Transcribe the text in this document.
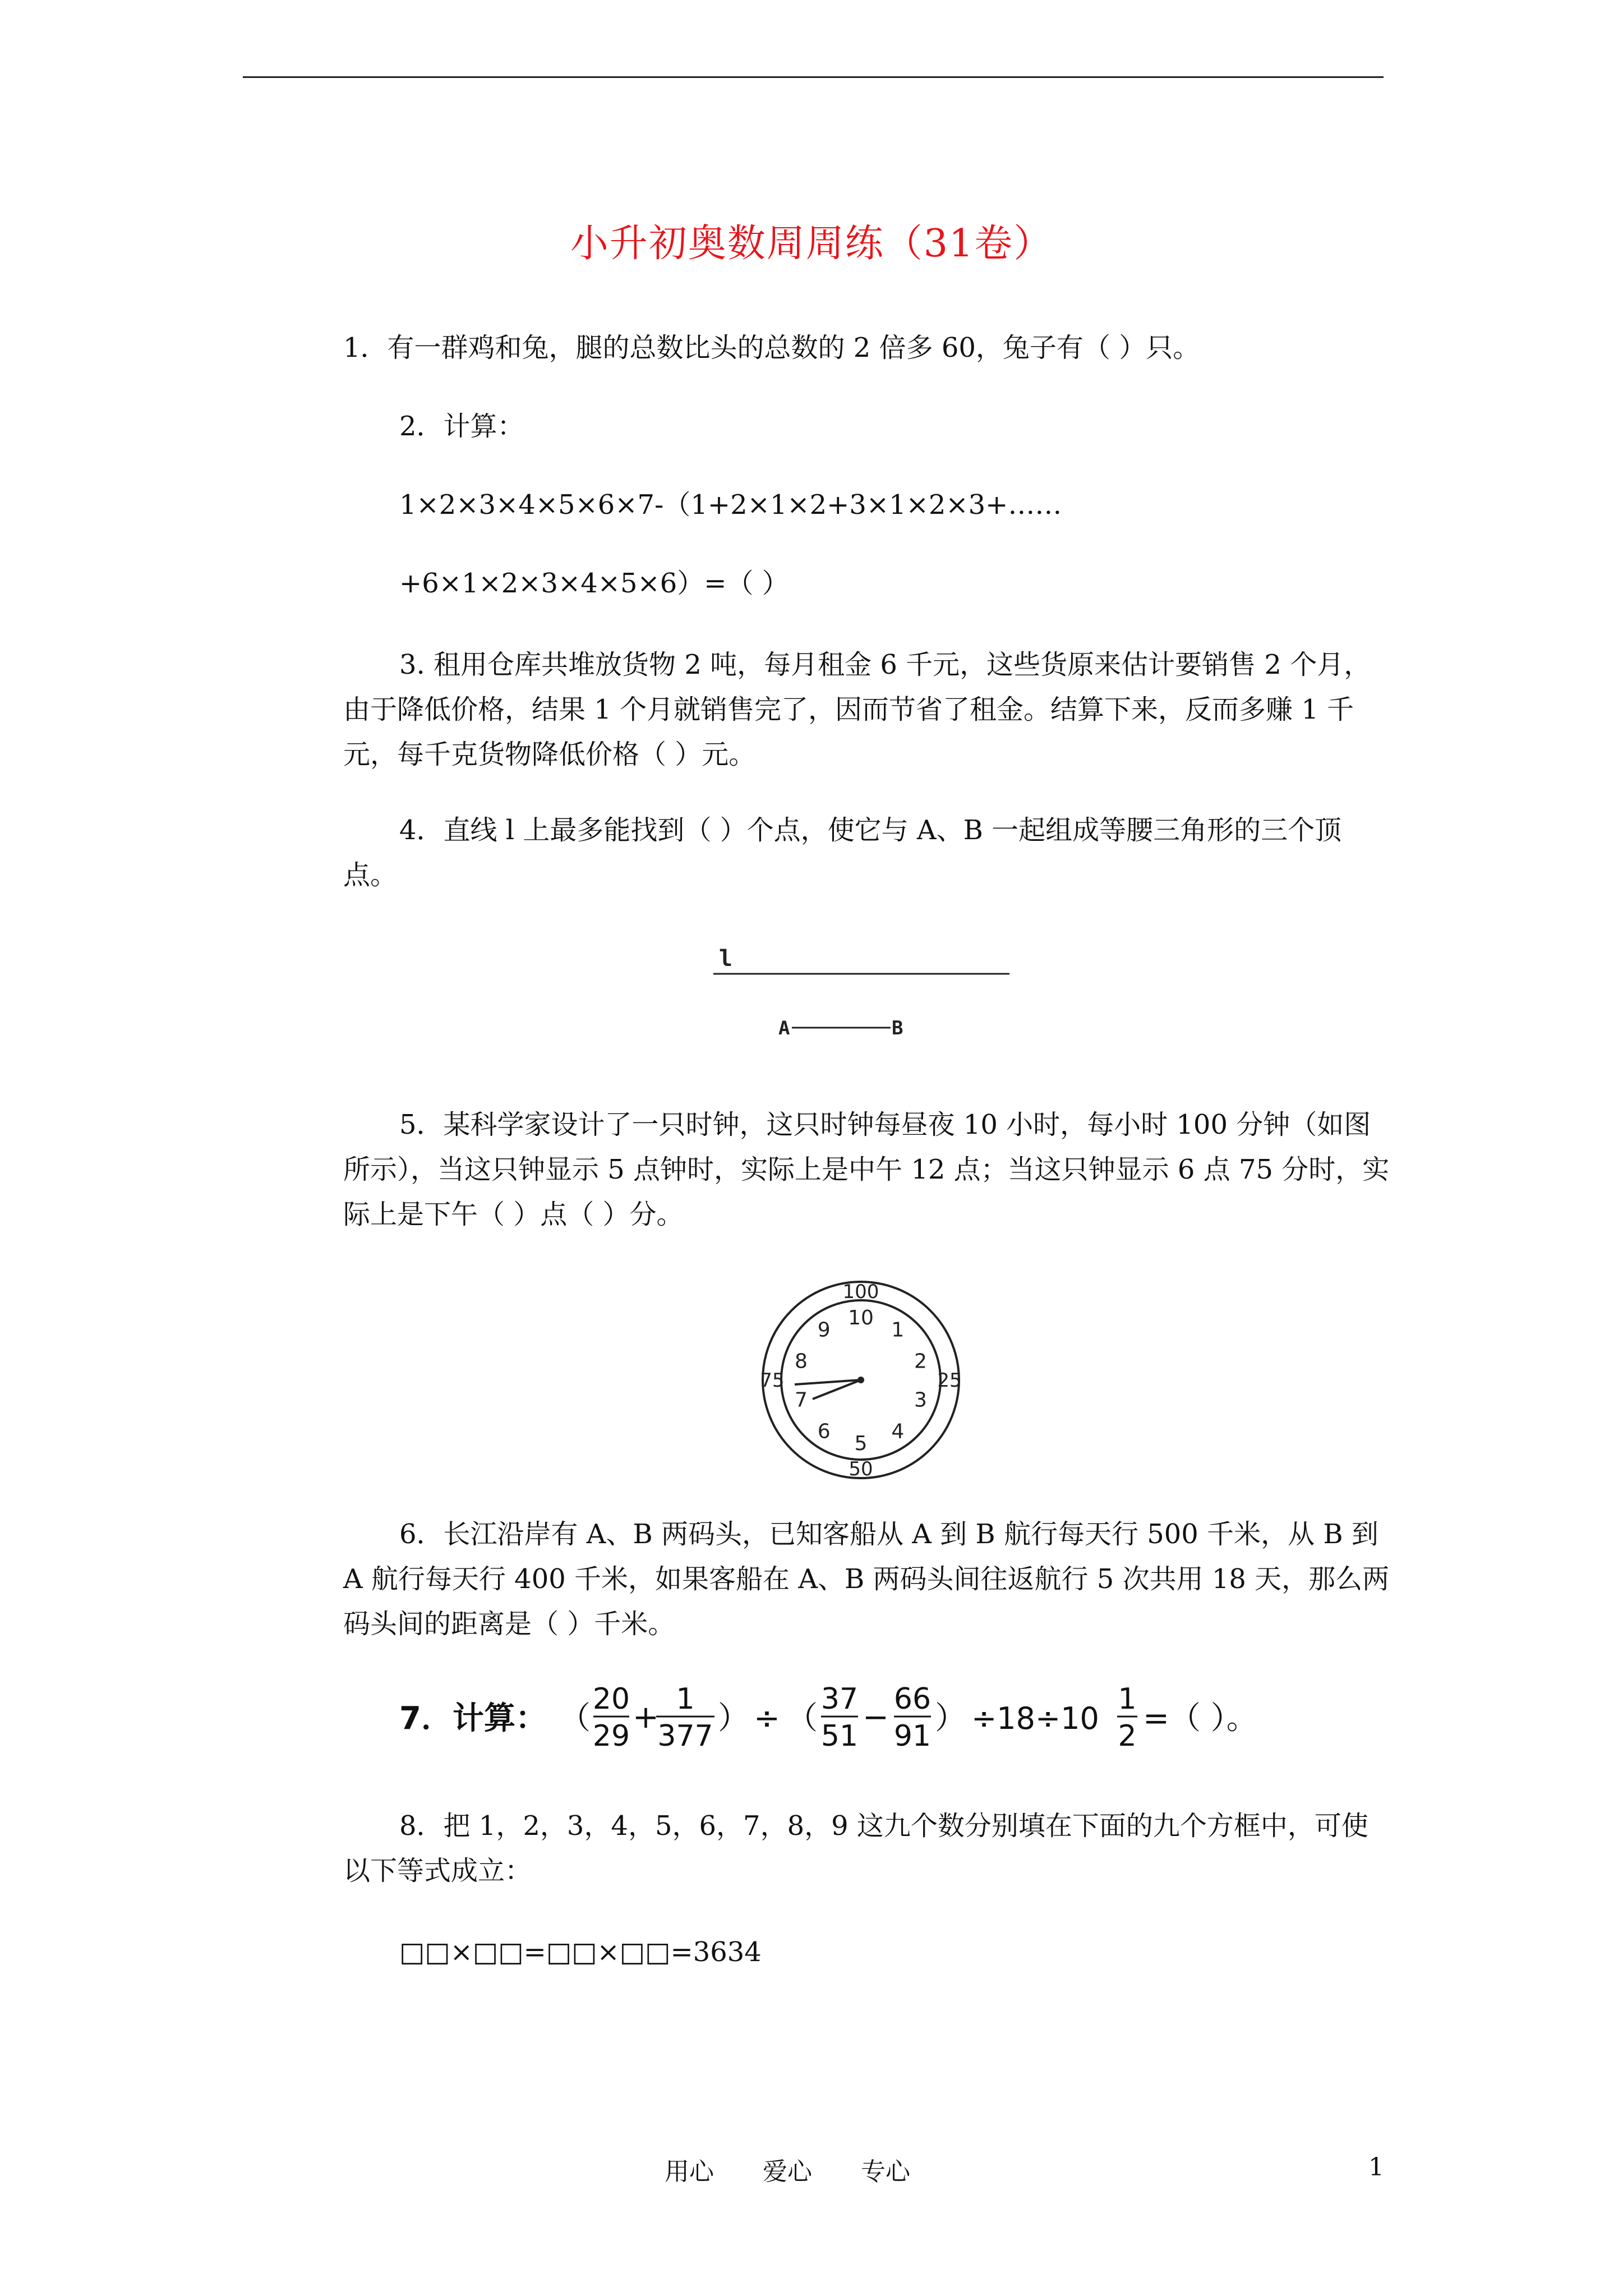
小升初奥数周周练（31卷）
1．有一群鸡和兔，腿的总数比头的总数的 2 倍多 60，兔子有（ ）只。
2．计算：
1×2×3×4×5×6×7-（1+2×1×2+3×1×2×3+……
+6×1×2×3×4×5×6）=（ ）
3. 租用仓库共堆放货物 2 吨，每月租金 6 千元，这些货原来估计要销售 2 个月，由于降低价格，结果 1 个月就销售完了，因而节省了租金。结算下来，反而多赚 1 千元，每千克货物降低价格（ ）元。
4．直线 l 上最多能找到（ ）个点，使它与 A、B 一起组成等腰三角形的三个顶点。
l
A	B
5．某科学家设计了一只时钟，这只时钟每昼夜 10 小时，每小时 100 分钟（如图所示），当这只钟显示 5 点钟时，实际上是中午 12 点；当这只钟显示 6 点 75 分时，实际上是下午（ ）点（ ）分。
10
1
2
3
4
5
6
7
8
9
100
25
50
75
6．长江沿岸有 A、B 两码头，已知客船从 A 到 B 航行每天行 500 千米，从 B 到 A 航行每天行 400 千米，如果客船在 A、B 两码头间往返航行 5 次共用 18 天，那么两码头间的距离是（ ）千米。
7．计算： （
20
29
+ 1
377 ） ÷ （
37
51
− 66
91 ） ÷18÷10
1
2 =（ ）。
8．把 1，2，3，4，5，6，7，8，9 这九个数分别填在下面的九个方框中，可使以下等式成立：
□□×□□=□□×□□=3634
用心 爱心 专心	1
